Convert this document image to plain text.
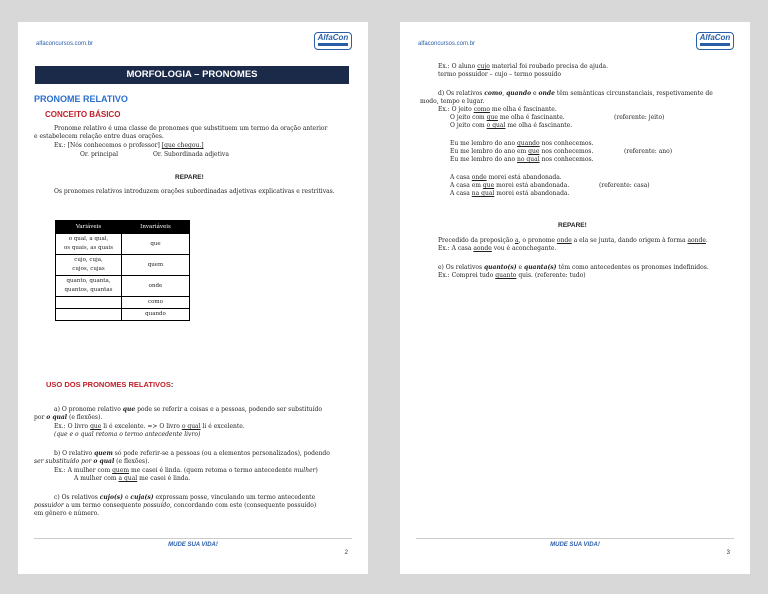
alfaconcursos.com.br
AlfaCon
MORFOLOGIA – PRONOMES
PRONOME RELATIVO
CONCEITO BÁSICO
Pronome relativo é uma classe de pronomes que substituem um termo da oração anterior
e estabelecem relação entre duas orações.
Ex.: [Nós conhecemos o professor] [que chegou.]
Or. principal	Or. Subordinada adjetiva
REPARE!
Os pronomes relativos introduzem orações subordinadas adjetivas explicativas e restritivas.
Variáveis	Invariáveis
o qual, a qual,
os quais, as quais	que
cujo, cuja,
cujos, cujas	quem
quanto, quanta,
quantos, quantas	onde
	como
	quando
USO DOS PRONOMES RELATIVOS:
a) O pronome relativo que pode se referir a coisas e a pessoas, podendo ser substituído
por o qual (e flexões).
Ex.: O livro que li é excelente. => O livro o qual li é excelente.
(que e o qual retoma o termo antecedente livro)
b) O relativo quem só pode referir-se a pessoas (ou a elementos personalizados), podendo
ser substituído por o qual (e flexões).
Ex.: A mulher com quem me casei é linda. (quem retoma o termo antecedente mulher)
A mulher com a qual me casei é linda.
c) Os relativos cujo(s) e cuja(s) expressam posse, vinculando um termo antecedente
possuidor a um termo consequente possuído, concordando com este (consequente possuído)
em gênero e número.
MUDE SUA VIDA!
2
alfaconcursos.com.br
AlfaCon
Ex.: O aluno cujo material foi roubado precisa de ajuda.
termo possuidor – cujo – termo possuído
d) Os relativos como, quando e onde têm semânticas circunstanciais, respetivamente de
modo, tempo e lugar.
Ex.: O jeito como me olha é fascinante.
O jeito com que me olha é fascinante.	(referente: jeito)
O jeito com o qual me olha é fascinante.
Eu me lembro do ano quando nos conhecemos.
Eu me lembro do ano em que nos conhecemos.	(referente: ano)
Eu me lembro do ano no qual nos conhecemos.
A casa onde morei está abandonada.
A casa em que morei está abandonada.	(referente: casa)
A casa na qual morei está abandonada.
REPARE!
Precedido da preposição a, o pronome onde a ela se junta, dando origem à forma aonde.
Ex.: A casa aonde vou é aconchegante.
e) Os relativos quanto(s) e quanta(s) têm como antecedentes os pronomes indefinidos.
Ex.: Comprei tudo quanto quis. (referente: tudo)
MUDE SUA VIDA!
3
